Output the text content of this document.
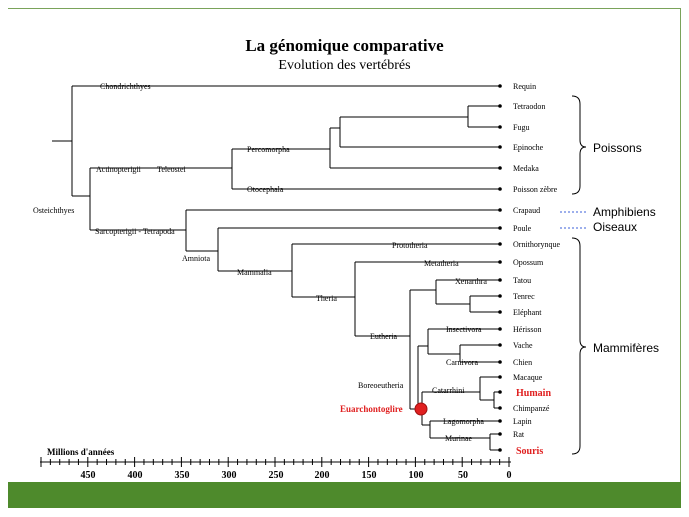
La génomique comparative
Evolution des vertébrés
Chondrichthyes
Actinopterigii Teleostei
Percomorpha
Otocephala
Osteichthyes
Sarcopterigii - Tetrapoda
Amniota
Mammalia
Prototheria
Metatheria
Theria
Xenarthra
Eutheria
Insectivora
Carnivora
Boreoeutheria
Catarrhini
Euarchontoglire
Lagomorpha
Murinae
Requin
Tetraodon
Fugu
Epinoche
Medaka
Poisson zèbre
Crapaud
Poule
Ornithorynque
Opossum
Tatou
Tenrec
Eléphant
Hérisson
Vache
Chien
Macaque
Humain
Chimpanzé
Lapin
Rat
Souris
Poissons
Amphibiens
Oiseaux
Mammifères
Millions d'années
450	400	350	300	250	200	150	100	50	0
